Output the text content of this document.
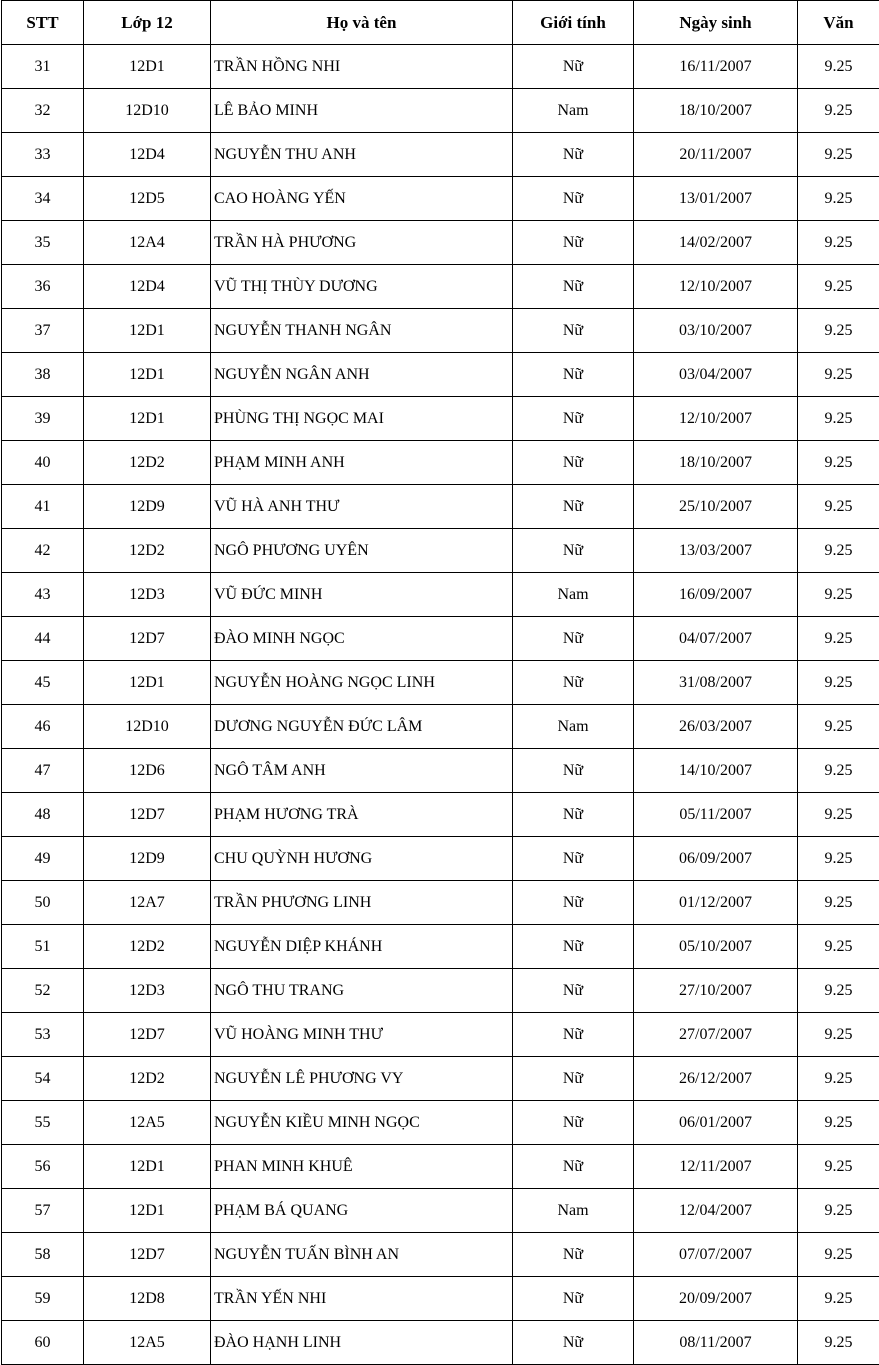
STT	Lớp 12	Họ và tên	Giới tính	Ngày sinh	Văn
31	12D1	TRẦN HỒNG NHI	Nữ	16/11/2007	9.25
32	12D10	LÊ BẢO MINH	Nam	18/10/2007	9.25
33	12D4	NGUYỄN THU ANH	Nữ	20/11/2007	9.25
34	12D5	CAO HOÀNG YẾN	Nữ	13/01/2007	9.25
35	12A4	TRẦN HÀ PHƯƠNG	Nữ	14/02/2007	9.25
36	12D4	VŨ THỊ THÙY DƯƠNG	Nữ	12/10/2007	9.25
37	12D1	NGUYỄN THANH NGÂN	Nữ	03/10/2007	9.25
38	12D1	NGUYỄN NGÂN ANH	Nữ	03/04/2007	9.25
39	12D1	PHÙNG THỊ NGỌC MAI	Nữ	12/10/2007	9.25
40	12D2	PHẠM MINH ANH	Nữ	18/10/2007	9.25
41	12D9	VŨ HÀ ANH THƯ	Nữ	25/10/2007	9.25
42	12D2	NGÔ PHƯƠNG UYÊN	Nữ	13/03/2007	9.25
43	12D3	VŨ ĐỨC MINH	Nam	16/09/2007	9.25
44	12D7	ĐÀO MINH NGỌC	Nữ	04/07/2007	9.25
45	12D1	NGUYỄN HOÀNG NGỌC LINH	Nữ	31/08/2007	9.25
46	12D10	DƯƠNG NGUYỄN ĐỨC LÂM	Nam	26/03/2007	9.25
47	12D6	NGÔ TÂM ANH	Nữ	14/10/2007	9.25
48	12D7	PHẠM HƯƠNG TRÀ	Nữ	05/11/2007	9.25
49	12D9	CHU QUỲNH HƯƠNG	Nữ	06/09/2007	9.25
50	12A7	TRẦN PHƯƠNG LINH	Nữ	01/12/2007	9.25
51	12D2	NGUYỄN DIỆP KHÁNH	Nữ	05/10/2007	9.25
52	12D3	NGÔ THU TRANG	Nữ	27/10/2007	9.25
53	12D7	VŨ HOÀNG MINH THƯ	Nữ	27/07/2007	9.25
54	12D2	NGUYỄN LÊ PHƯƠNG VY	Nữ	26/12/2007	9.25
55	12A5	NGUYỄN KIỀU MINH NGỌC	Nữ	06/01/2007	9.25
56	12D1	PHAN MINH KHUÊ	Nữ	12/11/2007	9.25
57	12D1	PHẠM BÁ QUANG	Nam	12/04/2007	9.25
58	12D7	NGUYỄN TUẤN BÌNH AN	Nữ	07/07/2007	9.25
59	12D8	TRẦN YẾN NHI	Nữ	20/09/2007	9.25
60	12A5	ĐÀO HẠNH LINH	Nữ	08/11/2007	9.25
